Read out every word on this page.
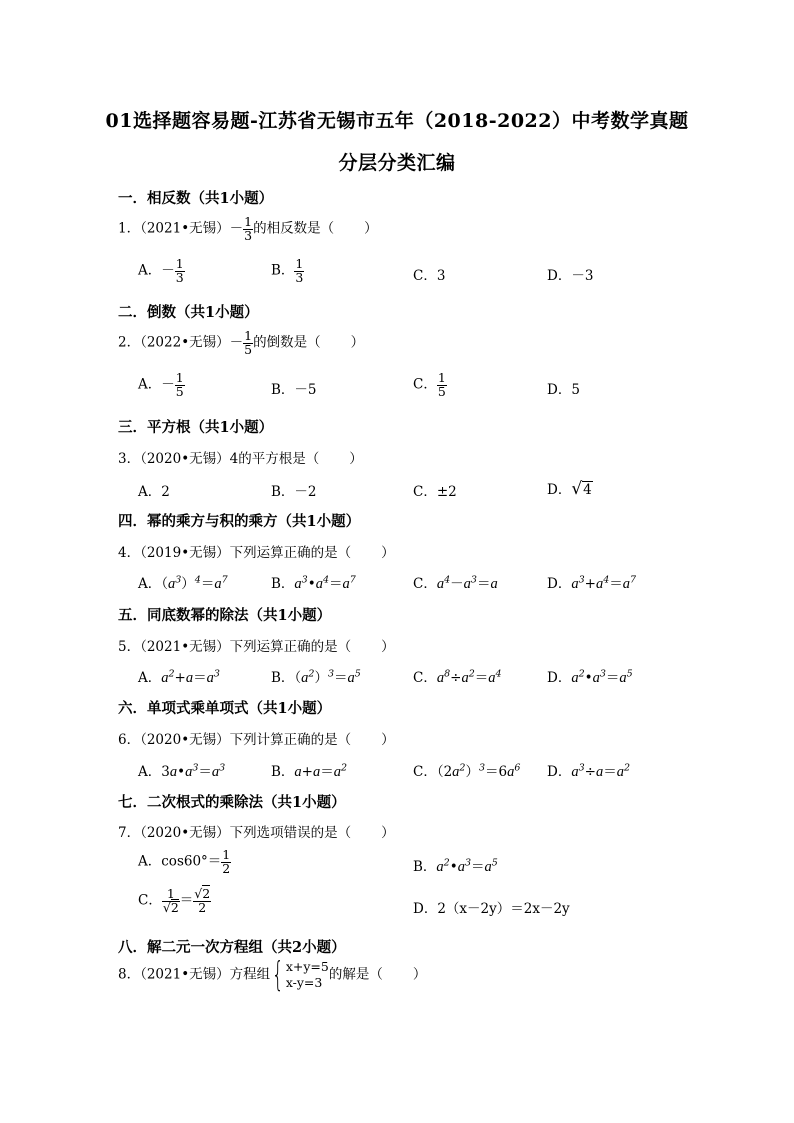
01选择题容易题-江苏省无锡市五年（2018-2022）中考数学真题
分层分类汇编
一．相反数（共1小题）
1．（2021•无锡）－ $\frac{1}{3}$ 的相反数是（ ）
A．－ $\frac{1}{3}$	B． $\frac{1}{3}$	C．3	D．－3
二．倒数（共1小题）
2．（2022•无锡）－ $\frac{1}{5}$ 的倒数是（ ）
A．－ $\frac{1}{5}$	B．－5	C． $\frac{1}{5}$	D．5
三．平方根（共1小题）
3．（2020•无锡）4的平方根是（ ）
A．2	B．－2	C．±2	D．√4
四．幂的乘方与积的乘方（共1小题）
4．（2019•无锡）下列运算正确的是（ ）
A．$(a^3)^4=a^7$	B．$a^3•a^4=a^7$	C．$a^4-a^3=a$	D．$a^3+a^4=a^7$
五．同底数幂的除法（共1小题）
5．（2021•无锡）下列运算正确的是（ ）
A．$a^2+a=a^3$	B．$(a^2)^3=a^5$	C．$a^8\div a^2=a^4$	D．$a^2•a^3=a^5$
六．单项式乘单项式（共1小题）
6．（2020•无锡）下列计算正确的是（ ）
A．$3a•a^3=a^3$	B．$a+a=a^2$	C．$(2a^2)^3=6a^6$ D．$a^3\div a=a^2$
七．二次根式的乘除法（共1小题）
7．（2020•无锡）下列选项错误的是（ ）
A．$\cos 60^\circ= \frac{1}{2}$	B．$a^2•a^3=a^5$
C． $\frac{1}{√2} = \frac{√2}{2}$	D．2（x－2y）＝2x－2y
八．解二元一次方程组（共2小题）
8．（2021•无锡）方程组{ x+y=5
x-y=3 的解是（ ）
